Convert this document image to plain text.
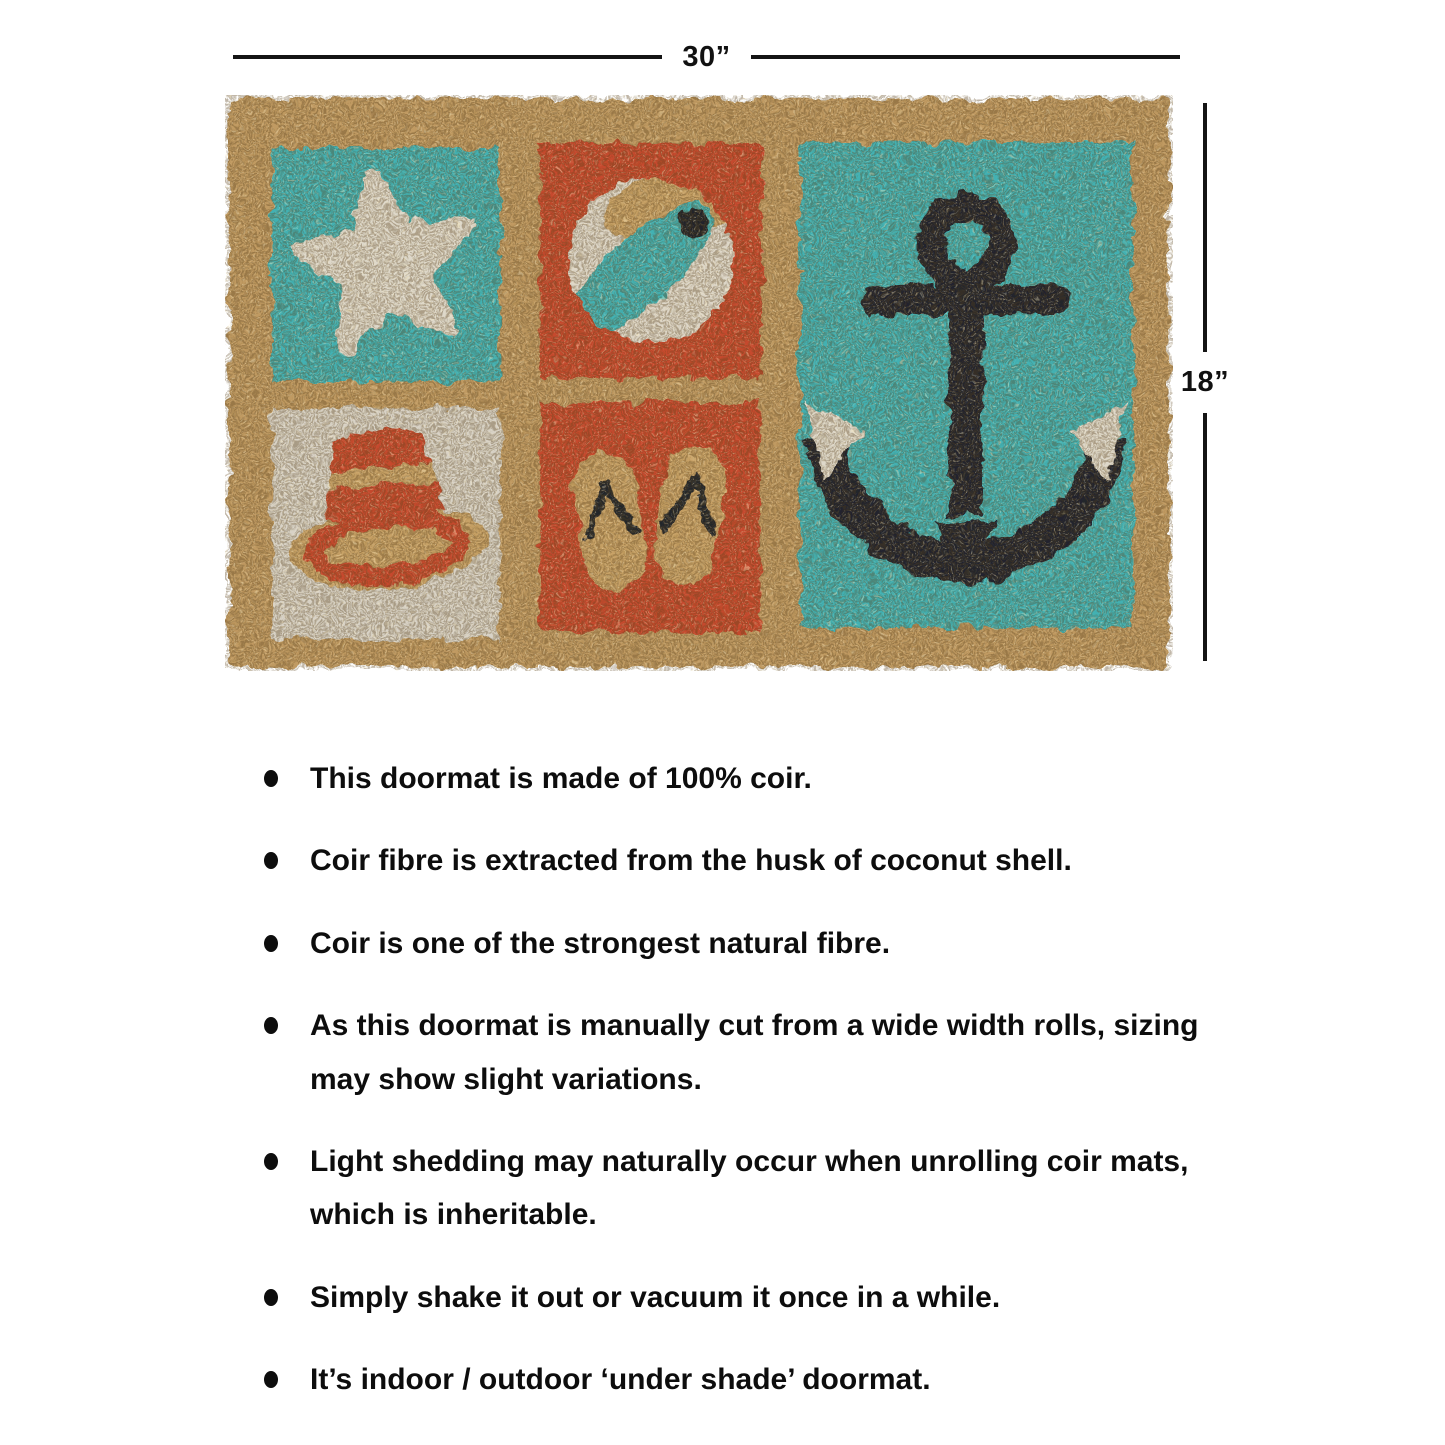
30”
18”
This doormat is made of 100% coir.
Coir fibre is extracted from the husk of coconut shell.
Coir is one of the strongest natural fibre.
As this doormat is manually cut from a wide width rolls, sizing may show slight variations.
Light shedding may naturally occur when unrolling coir mats, which is inheritable.
Simply shake it out or vacuum it once in a while.
It’s indoor / outdoor ‘under shade’ doormat.
